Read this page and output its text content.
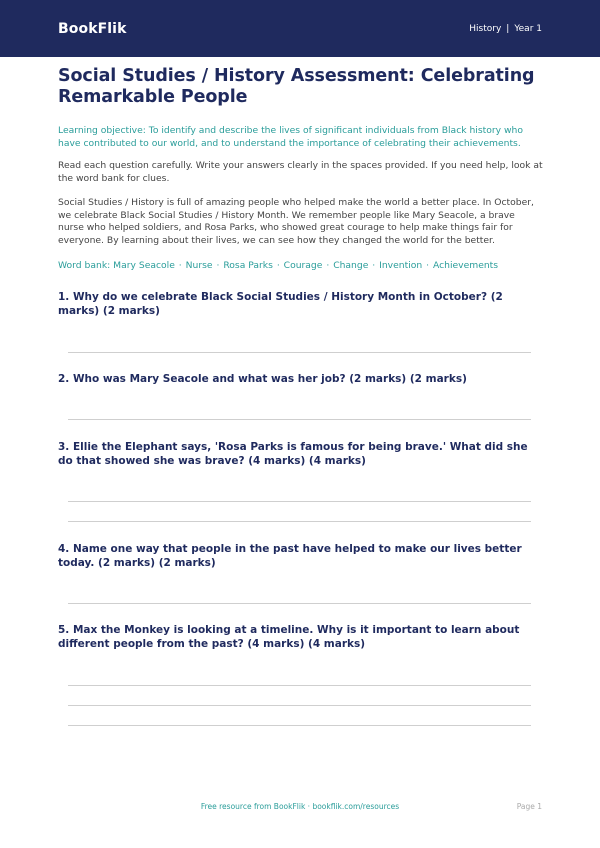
BookFlik	History | Year 1
Social Studies / History Assessment: Celebrating Remarkable People

Learning objective: To identify and describe the lives of significant individuals from Black history who have contributed to our world, and to understand the importance of celebrating their achievements.

Read each question carefully. Write your answers clearly in the spaces provided. If you need help, look at the word bank for clues.

Social Studies / History is full of amazing people who helped make the world a better place. In October, we celebrate Black Social Studies / History Month. We remember people like Mary Seacole, a brave nurse who helped soldiers, and Rosa Parks, who showed great courage to help make things fair for everyone. By learning about their lives, we can see how they changed the world for the better.

Word bank: Mary Seacole · Nurse · Rosa Parks · Courage · Change · Invention · Achievements

1. Why do we celebrate Black Social Studies / History Month in October? (2 marks) (2 marks)
2. Who was Mary Seacole and what was her job? (2 marks) (2 marks)
3. Ellie the Elephant says, 'Rosa Parks is famous for being brave.' What did she do that showed she was brave? (4 marks) (4 marks)
4. Name one way that people in the past have helped to make our lives better today. (2 marks) (2 marks)
5. Max the Monkey is looking at a timeline. Why is it important to learn about different people from the past? (4 marks) (4 marks)
Free resource from BookFlik · bookflik.com/resources	Page 1
